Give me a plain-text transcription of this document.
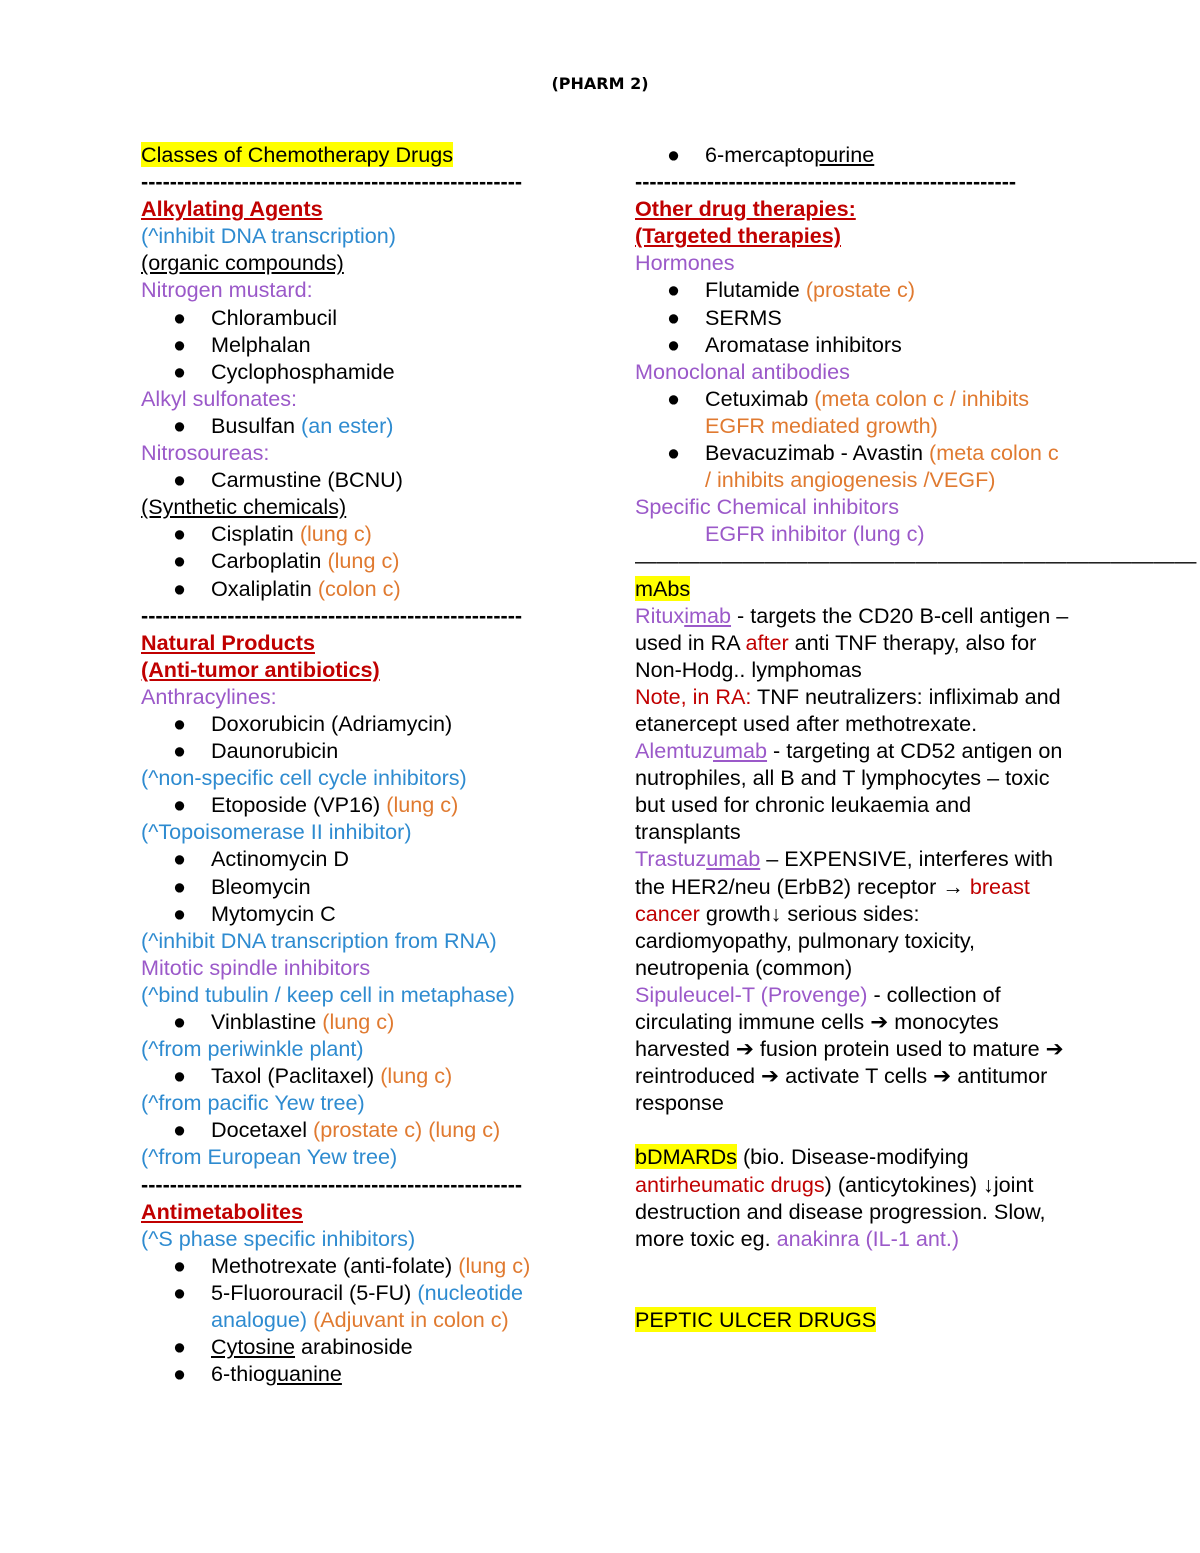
(PHARM 2)
Classes of Chemotherapy Drugs
-----------------------------------------------------
Alkylating Agents
(^inhibit DNA transcription)
(organic compounds)
Nitrogen mustard:
● Chlorambucil
● Melphalan
● Cyclophosphamide
Alkyl sulfonates:
● Busulfan (an ester)
Nitrosoureas:
● Carmustine (BCNU)
(Synthetic chemicals)
● Cisplatin (lung c)
● Carboplatin (lung c)
● Oxaliplatin (colon c)
-----------------------------------------------------
Natural Products
(Anti-tumor antibiotics)
Anthracylines:
● Doxorubicin (Adriamycin)
● Daunorubicin
(^non-specific cell cycle inhibitors)
● Etoposide (VP16) (lung c)
(^Topoisomerase II inhibitor)
● Actinomycin D
● Bleomycin
● Mytomycin C
(^inhibit DNA transcription from RNA)
Mitotic spindle inhibitors
(^bind tubulin / keep cell in metaphase)
● Vinblastine (lung c)
(^from periwinkle plant)
● Taxol (Paclitaxel) (lung c)
(^from pacific Yew tree)
● Docetaxel (prostate c) (lung c)
(^from European Yew tree)
-----------------------------------------------------
Antimetabolites
(^S phase specific inhibitors)
● Methotrexate (anti-folate) (lung c)
● 5-Fluorouracil (5-FU) (nucleotide analogue) (Adjuvant in colon c)
● Cytosine arabinoside
● 6-thioguanine
● 6-mercaptopurine
-----------------------------------------------------
Other drug therapies:
(Targeted therapies)
Hormones
● Flutamide (prostate c)
● SERMS
● Aromatase inhibitors
Monoclonal antibodies
● Cetuximab (meta colon c / inhibits EGFR mediated growth)
● Bevacuzimab - Avastin (meta colon c / inhibits angiogenesis /VEGF)
Specific Chemical inhibitors
EGFR inhibitor (lung c)
——————————————————————————
mAbs
Rituximab - targets the CD20 B-cell antigen – used in RA after anti TNF therapy, also for Non-Hodg.. lymphomas
Note, in RA: TNF neutralizers: infliximab and etanercept used after methotrexate.
Alemtuzumab - targeting at CD52 antigen on nutrophiles, all B and T lymphocytes – toxic but used for chronic leukaemia and transplants
Trastuzumab – EXPENSIVE, interferes with the HER2/neu (ErbB2) receptor → breast cancer growth↓ serious sides: cardiomyopathy, pulmonary toxicity, neutropenia (common)
Sipuleucel-T (Provenge) - collection of circulating immune cells ➔ monocytes harvested ➔ fusion protein used to mature ➔ reintroduced ➔ activate T cells ➔ antitumor response
bDMARDs (bio. Disease-modifying antirheumatic drugs) (anticytokines) ↓joint destruction and disease progression. Slow, more toxic eg. anakinra (IL-1 ant.)
PEPTIC ULCER DRUGS
